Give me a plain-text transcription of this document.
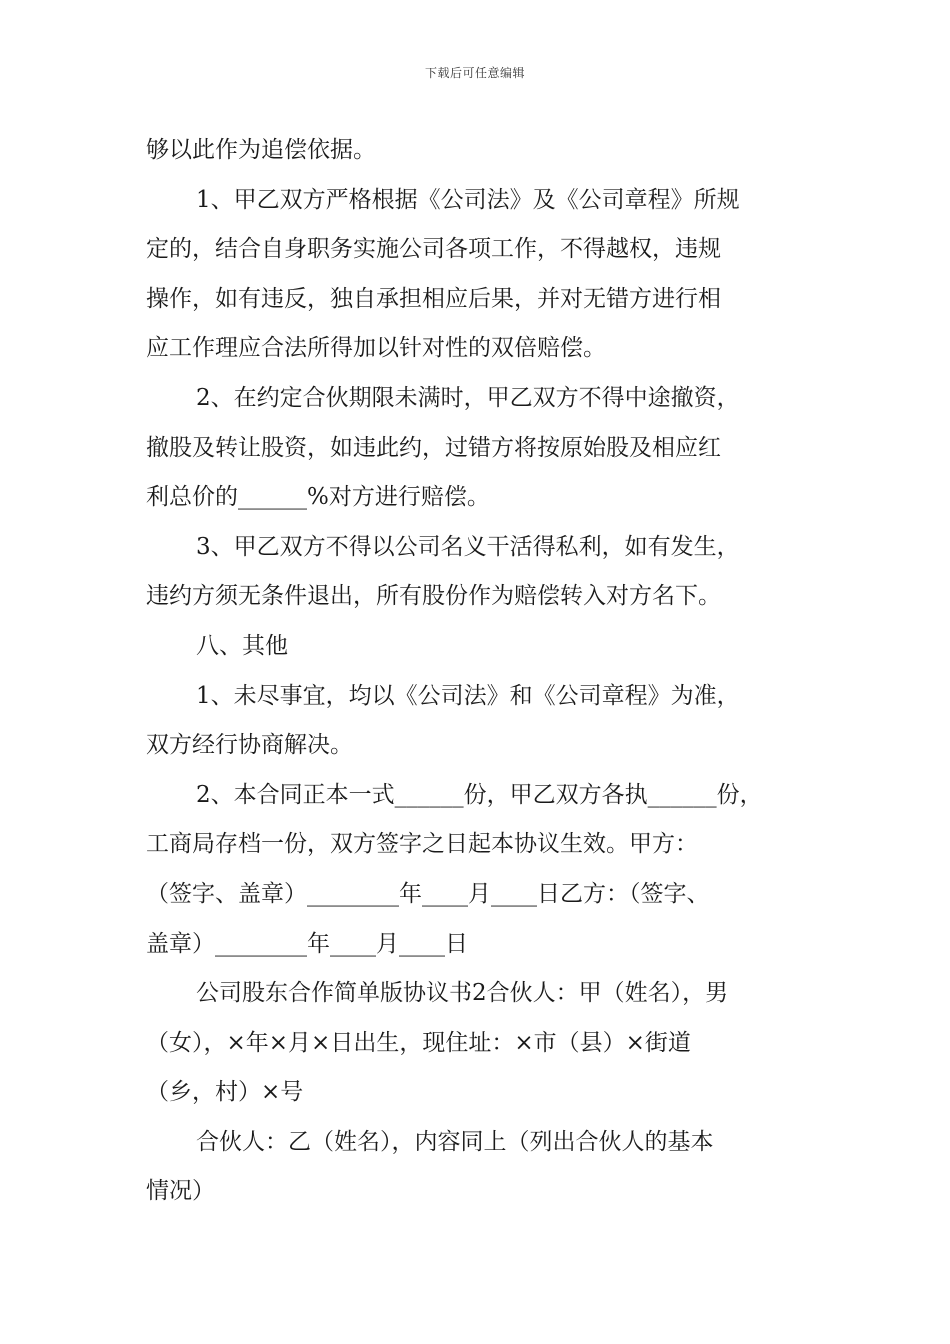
下载后可任意编辑
够以此作为追偿依据。
1、甲乙双方严格根据《公司法》及《公司章程》所规
定的，结合自身职务实施公司各项工作，不得越权，违规
操作，如有违反，独自承担相应后果，并对无错方进行相
应工作理应合法所得加以针对性的双倍赔偿。
2、在约定合伙期限未满时，甲乙双方不得中途撤资，
撤股及转让股资，如违此约，过错方将按原始股及相应红
利总价的______%对方进行赔偿。
3、甲乙双方不得以公司名义干活得私利，如有发生，
违约方须无条件退出，所有股份作为赔偿转入对方名下。
八、其他
1、未尽事宜，均以《公司法》和《公司章程》为准，
双方经行协商解决。
2、本合同正本一式______份，甲乙双方各执______份，
工商局存档一份，双方签字之日起本协议生效。甲方：
（签字、盖章）________年____月____日乙方：（签字、
盖章）________年____月____日
公司股东合作简单版协议书2合伙人：甲（姓名），男
（女），×年×月×日出生，现住址：×市（县）×街道
（乡，村）×号
合伙人：乙（姓名），内容同上（列出合伙人的基本
情况）
